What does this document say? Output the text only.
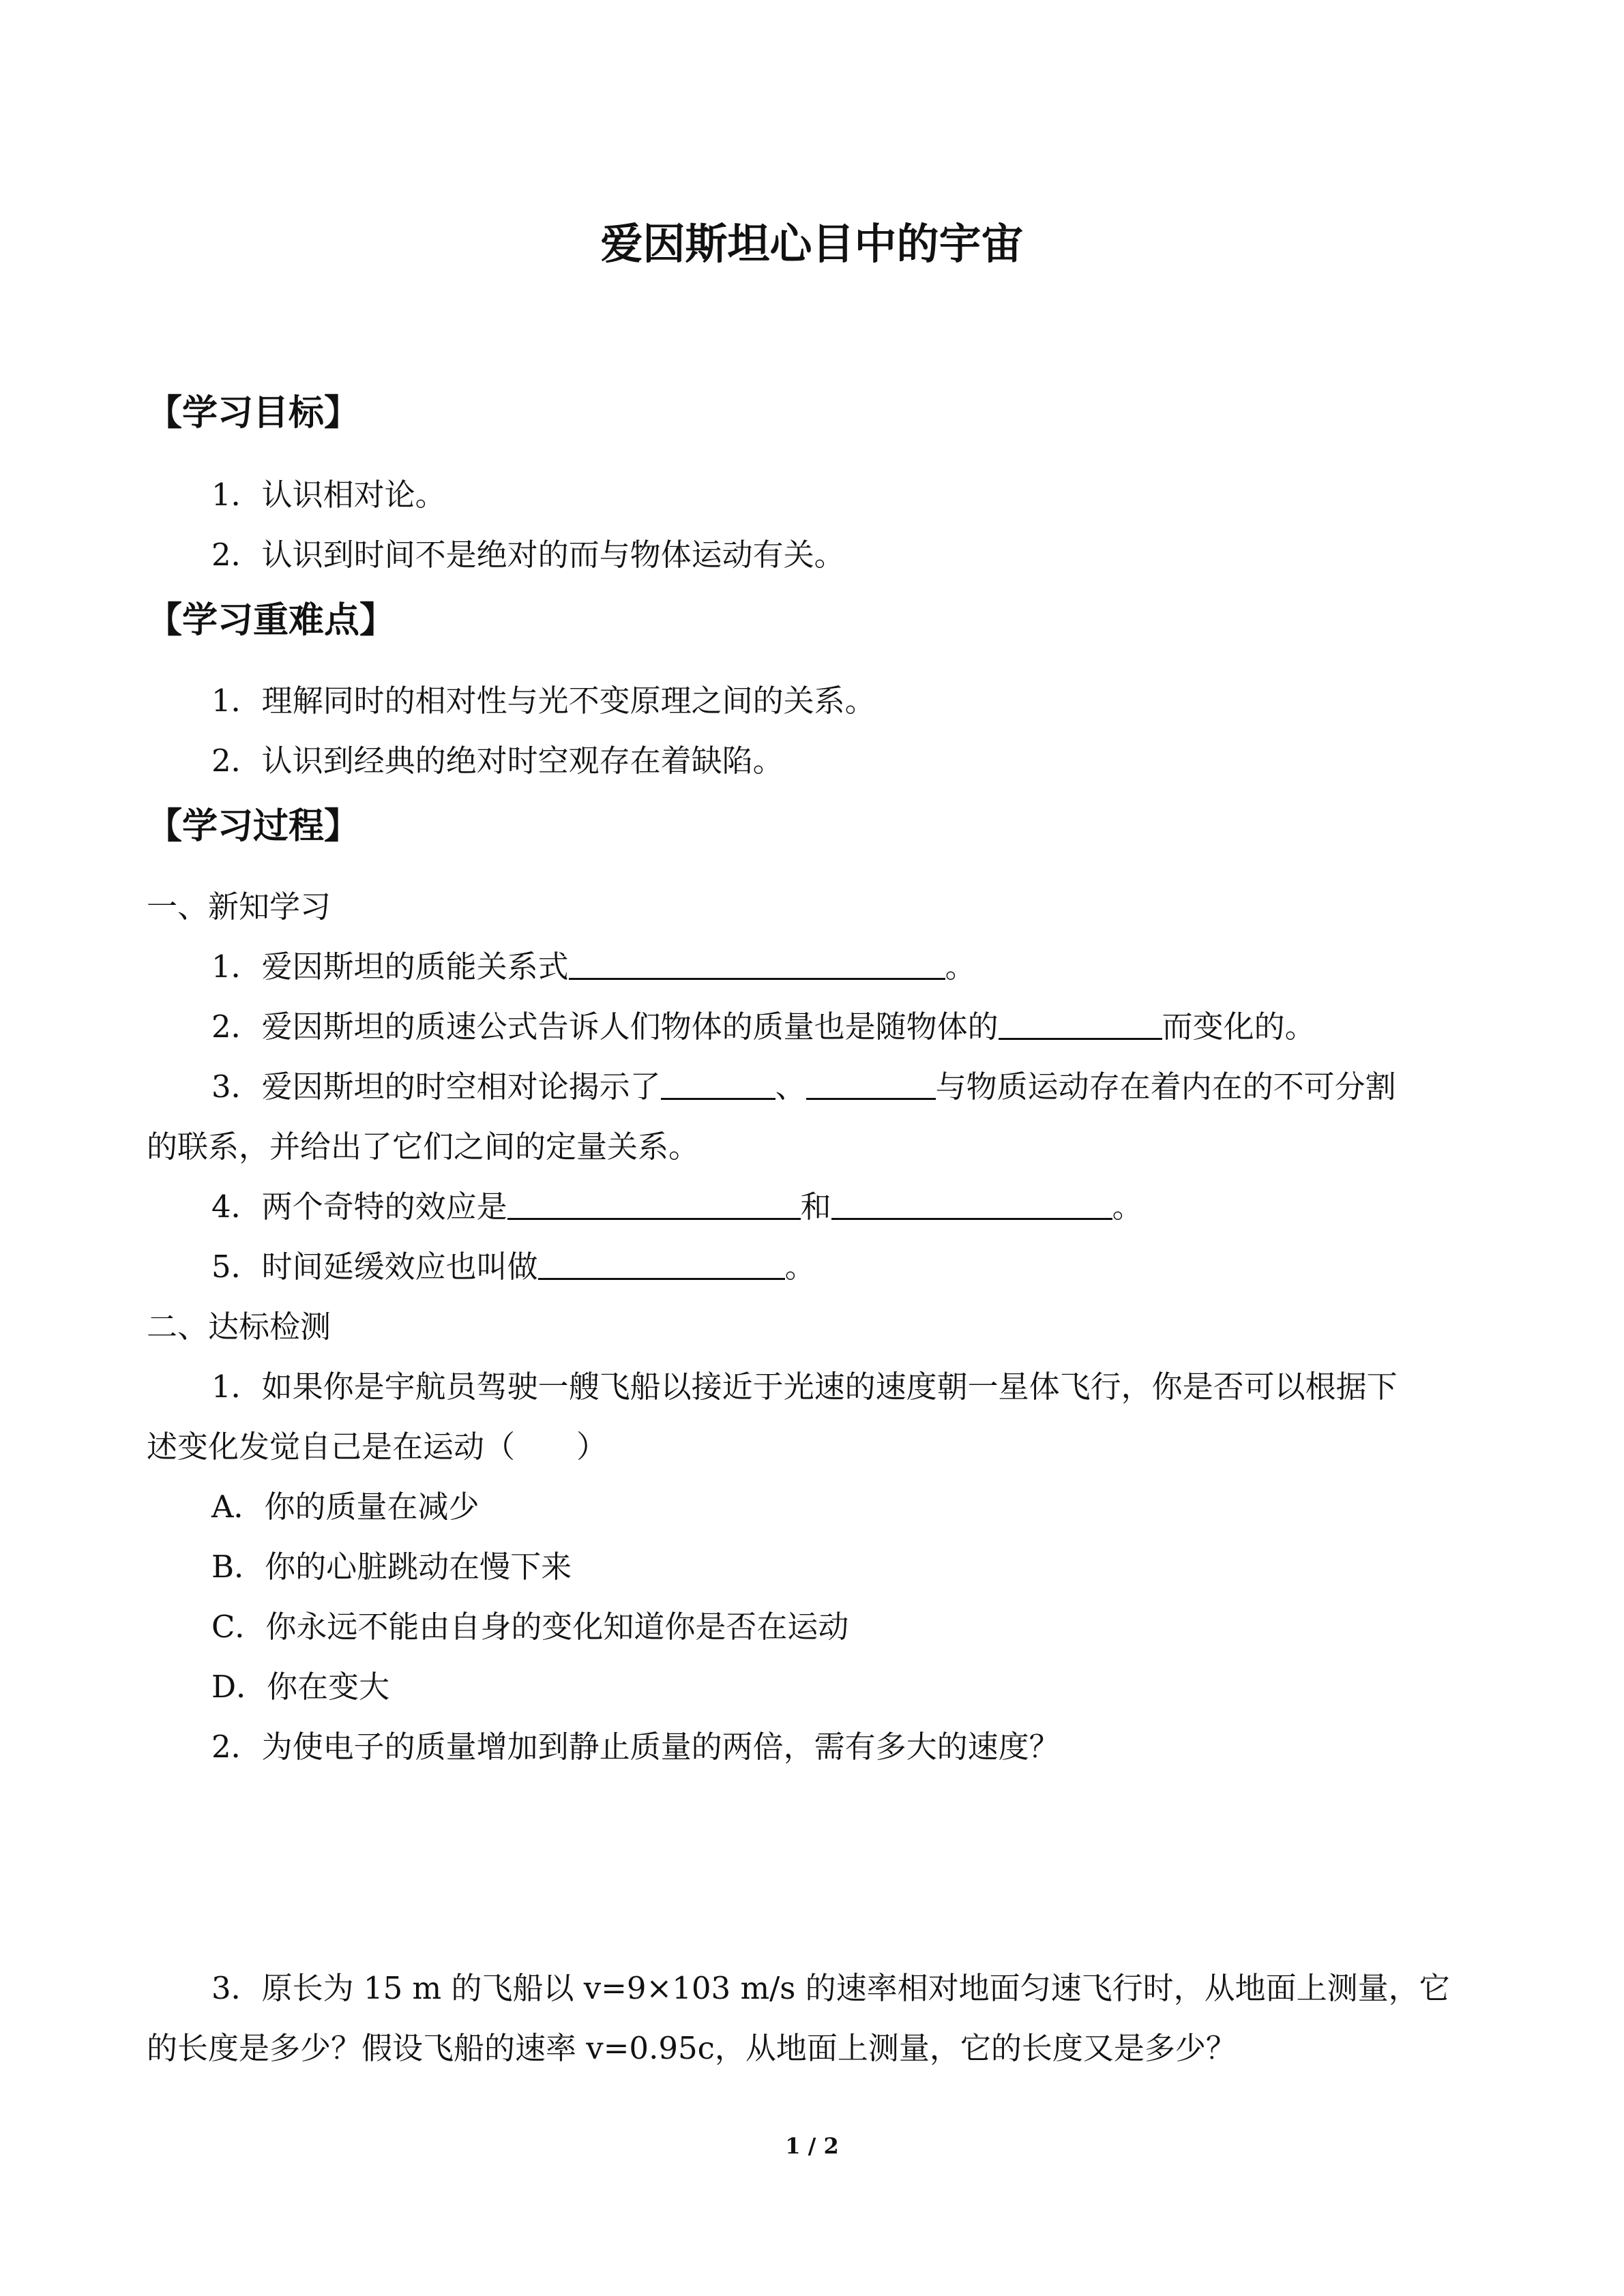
爱因斯坦心目中的宇宙
【学习目标】
1．认识相对论。
2．认识到时间不是绝对的而与物体运动有关。
【学习重难点】
1．理解同时的相对性与光不变原理之间的关系。
2．认识到经典的绝对时空观存在着缺陷。
【学习过程】
一、新知学习
1．爱因斯坦的质能关系式	。
2．爱因斯坦的质速公式告诉人们物体的质量也是随物体的	而变化的。
3．爱因斯坦的时空相对论揭示了	、	与物质运动存在着内在的不可分割
的联系，并给出了它们之间的定量关系。
4．两个奇特的效应是	和	。
5．时间延缓效应也叫做	。
二、达标检测
1．如果你是宇航员驾驶一艘飞船以接近于光速的速度朝一星体飞行，你是否可以根据下
述变化发觉自己是在运动（　　）
A．你的质量在减少
B．你的心脏跳动在慢下来
C．你永远不能由自身的变化知道你是否在运动
D．你在变大
2．为使电子的质量增加到静止质量的两倍，需有多大的速度？
3．原长为 15 m 的飞船以 v=9×103 m/s 的速率相对地面匀速飞行时，从地面上测量，它
的长度是多少？假设飞船的速率 v=0.95c，从地面上测量，它的长度又是多少？
1 / 2
